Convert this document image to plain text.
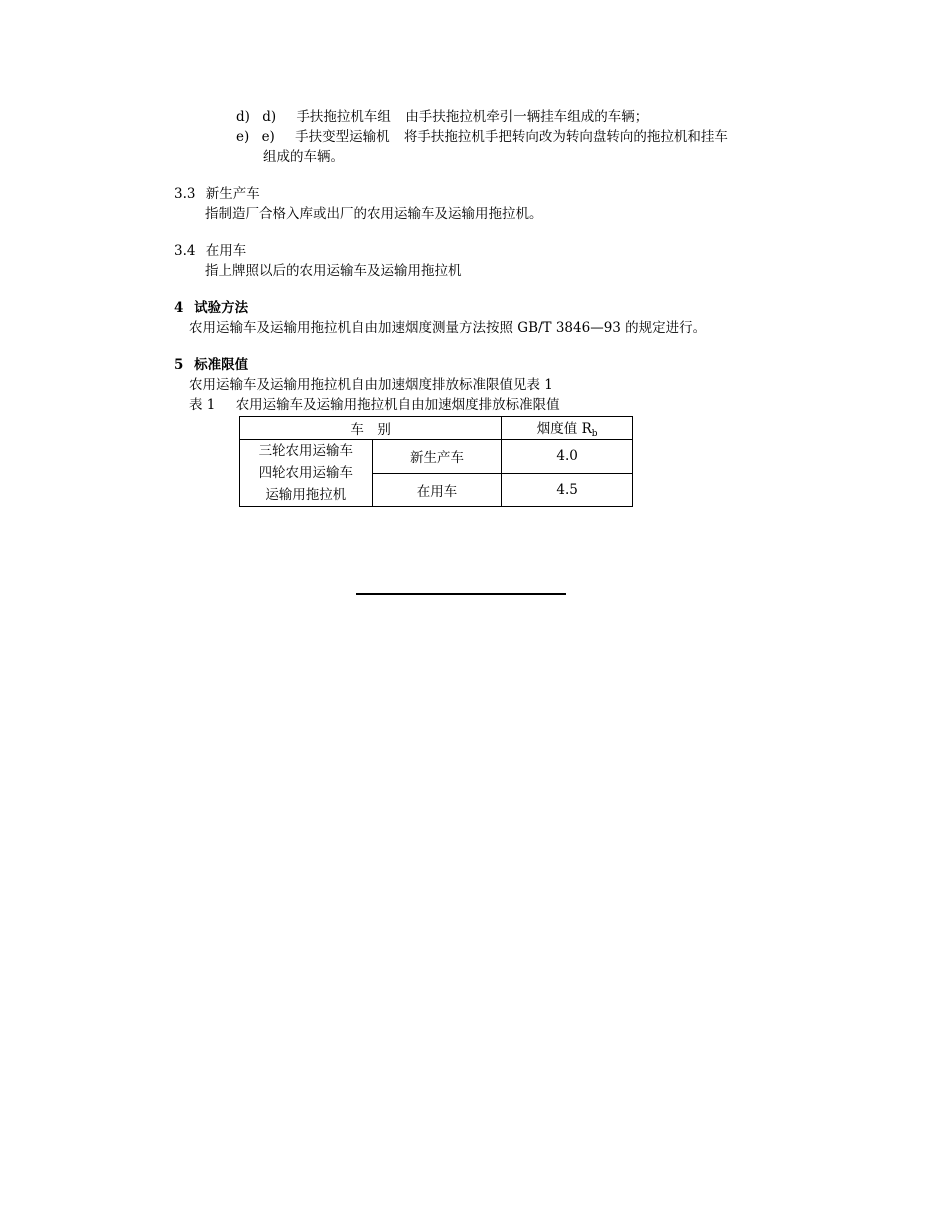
d) d) 手扶拖拉机车组 由手扶拖拉机牵引一辆挂车组成的车辆；
e) e) 手扶变型运输机 将手扶拖拉机手把转向改为转向盘转向的拖拉机和挂车
组成的车辆。
3.3 新生产车
指制造厂合格入库或出厂的农用运输车及运输用拖拉机。
3.4 在用车
指上牌照以后的农用运输车及运输用拖拉机
4 试验方法
农用运输车及运输用拖拉机自由加速烟度测量方法按照 GB/T 3846—93 的规定进行。
5 标准限值
农用运输车及运输用拖拉机自由加速烟度排放标准限值见表 1
表 1 农用运输车及运输用拖拉机自由加速烟度排放标准限值
车　别		烟度值 $R_b$

三轮农用运输车
四轮农用运输车
运输用拖拉机	新生产车	4.0
	在用车	4.5
